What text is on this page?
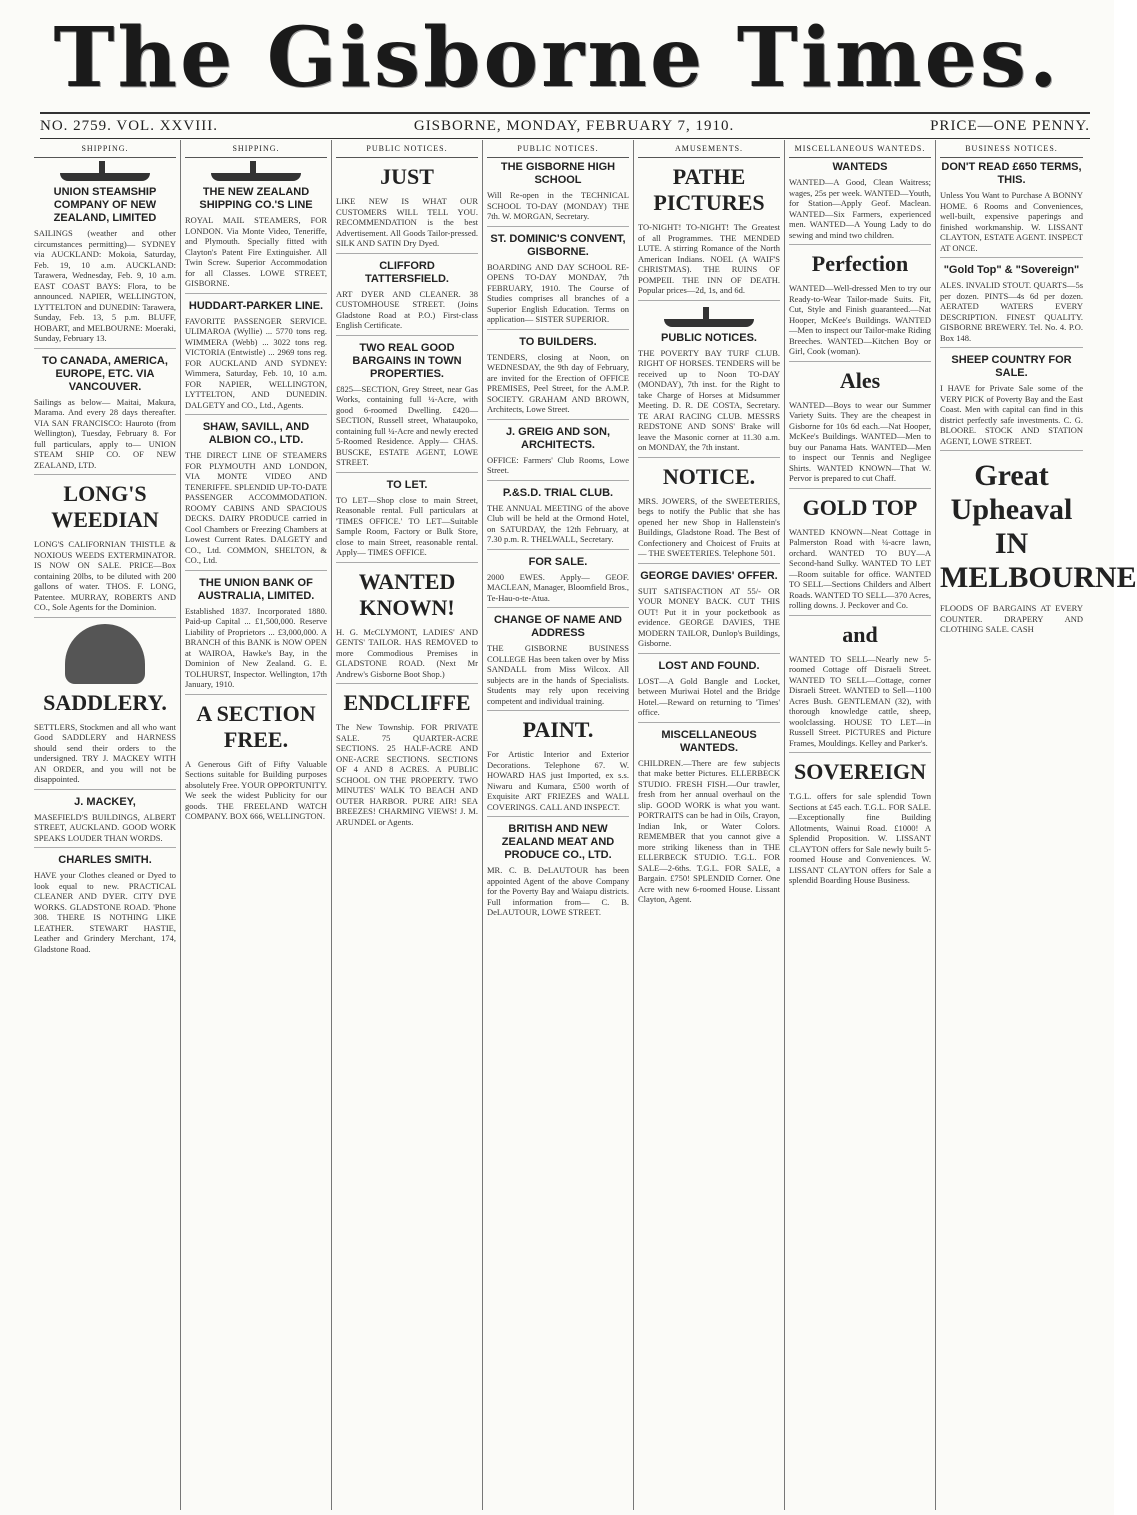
The Gisborne Times.
NO. 2759. VOL. XXVIII.	GISBORNE, MONDAY, FEBRUARY 7, 1910.	PRICE—ONE PENNY.
SHIPPING.
UNION STEAMSHIP COMPANY OF NEW ZEALAND, LIMITED
SAILINGS (weather and other circumstances permitting)— SYDNEY via AUCKLAND: Mokoia, Saturday, Feb. 19, 10 a.m. AUCKLAND: Tarawera, Wednesday, Feb. 9, 10 a.m. EAST COAST BAYS: Flora, to be announced. NAPIER, WELLINGTON, LYTTELTON and DUNEDIN: Tarawera, Sunday, Feb. 13, 5 p.m. BLUFF, HOBART, and MELBOURNE: Moeraki, Sunday, February 13.
TO CANADA, AMERICA, EUROPE, ETC. VIA VANCOUVER.
Sailings as below— Maitai, Makura, Marama. And every 28 days thereafter. VIA SAN FRANCISCO: Hauroto (from Wellington), Tuesday, February 8. For full particulars, apply to— UNION STEAM SHIP CO. OF NEW ZEALAND, LTD.
LONG'S WEEDIAN
LONG'S CALIFORNIAN THISTLE & NOXIOUS WEEDS EXTERMINATOR. IS NOW ON SALE. PRICE—Box containing 20lbs, to be diluted with 200 gallons of water. THOS. F. LONG, Patentee. MURRAY, ROBERTS AND CO., Sole Agents for the Dominion.
SADDLERY.
SETTLERS, Stockmen and all who want Good SADDLERY and HARNESS should send their orders to the undersigned. TRY J. MACKEY WITH AN ORDER, and you will not be disappointed.
J. MACKEY,
MASEFIELD'S BUILDINGS, ALBERT STREET, AUCKLAND. GOOD WORK SPEAKS LOUDER THAN WORDS.
CHARLES SMITH.
HAVE your Clothes cleaned or Dyed to look equal to new. PRACTICAL CLEANER AND DYER. CITY DYE WORKS. GLADSTONE ROAD. 'Phone 308. THERE IS NOTHING LIKE LEATHER. STEWART HASTIE, Leather and Grindery Merchant, 174, Gladstone Road.
SHIPPING.
THE NEW ZEALAND SHIPPING CO.'S LINE
ROYAL MAIL STEAMERS, FOR LONDON. Via Monte Video, Teneriffe, and Plymouth. Specially fitted with Clayton's Patent Fire Extinguisher. All Twin Screw. Superior Accommodation for all Classes. LOWE STREET, GISBORNE.
HUDDART-PARKER LINE.
FAVORITE PASSENGER SERVICE. ULIMAROA (Wyllie) ... 5770 tons reg. WIMMERA (Webb) ... 3022 tons reg. VICTORIA (Entwistle) ... 2969 tons reg. FOR AUCKLAND AND SYDNEY: Wimmera, Saturday, Feb. 10, 10 a.m. FOR NAPIER, WELLINGTON, LYTTELTON, AND DUNEDIN. DALGETY and CO., Ltd., Agents.
SHAW, SAVILL, AND ALBION CO., LTD.
THE DIRECT LINE OF STEAMERS FOR PLYMOUTH AND LONDON, VIA MONTE VIDEO AND TENERIFFE. SPLENDID UP-TO-DATE PASSENGER ACCOMMODATION. ROOMY CABINS AND SPACIOUS DECKS. DAIRY PRODUCE carried in Cool Chambers or Freezing Chambers at Lowest Current Rates. DALGETY and CO., Ltd. COMMON, SHELTON, & CO., Ltd.
THE UNION BANK OF AUSTRALIA, LIMITED.
Established 1837. Incorporated 1880. Paid-up Capital ... £1,500,000. Reserve Liability of Proprietors ... £3,000,000. A BRANCH of this BANK is NOW OPEN at WAIROA, Hawke's Bay, in the Dominion of New Zealand. G. E. TOLHURST, Inspector. Wellington, 17th January, 1910.
A SECTION FREE.
A Generous Gift of Fifty Valuable Sections suitable for Building purposes absolutely Free. YOUR OPPORTUNITY. We seek the widest Publicity for our goods. THE FREELAND WATCH COMPANY. BOX 666, WELLINGTON.
PUBLIC NOTICES.
JUST
LIKE NEW IS WHAT OUR CUSTOMERS WILL TELL YOU. RECOMMENDATION is the best Advertisement. All Goods Tailor-pressed. SILK AND SATIN Dry Dyed.
CLIFFORD TATTERSFIELD.
ART DYER AND CLEANER. 38 CUSTOMHOUSE STREET. (Joins Gladstone Road at P.O.) First-class English Certificate.
TWO REAL GOOD BARGAINS IN TOWN PROPERTIES.
£825—SECTION, Grey Street, near Gas Works, containing full ¼-Acre, with good 6-roomed Dwelling. £420—SECTION, Russell street, Whataupoko, containing full ¼-Acre and newly erected 5-Roomed Residence. Apply— CHAS. BUSCKE, ESTATE AGENT, LOWE STREET.
TO LET.
TO LET—Shop close to main Street, Reasonable rental. Full particulars at 'TIMES OFFICE.' TO LET—Suitable Sample Room, Factory or Bulk Store, close to main Street, reasonable rental. Apply— TIMES OFFICE.
WANTED KNOWN!
H. G. McCLYMONT, LADIES' AND GENTS' TAILOR. HAS REMOVED to more Commodious Premises in GLADSTONE ROAD. (Next Mr Andrew's Gisborne Boot Shop.)
ENDCLIFFE
The New Township. FOR PRIVATE SALE. 75 QUARTER-ACRE SECTIONS. 25 HALF-ACRE AND ONE-ACRE SECTIONS. SECTIONS OF 4 AND 8 ACRES. A PUBLIC SCHOOL ON THE PROPERTY. TWO MINUTES' WALK TO BEACH AND OUTER HARBOR. PURE AIR! SEA BREEZES! CHARMING VIEWS! J. M. ARUNDEL or Agents.
PUBLIC NOTICES.
THE GISBORNE HIGH SCHOOL
Will Re-open in the TECHNICAL SCHOOL TO-DAY (MONDAY) THE 7th. W. MORGAN, Secretary.
ST. DOMINIC'S CONVENT, GISBORNE.
BOARDING AND DAY SCHOOL RE-OPENS TO-DAY MONDAY, 7th FEBRUARY, 1910. The Course of Studies comprises all branches of a Superior English Education. Terms on application— SISTER SUPERIOR.
TO BUILDERS.
TENDERS, closing at Noon, on WEDNESDAY, the 9th day of February, are invited for the Erection of OFFICE PREMISES, Peel Street, for the A.M.P. SOCIETY. GRAHAM AND BROWN, Architects, Lowe Street.
J. GREIG AND SON, ARCHITECTS.
OFFICE: Farmers' Club Rooms, Lowe Street.
P.&S.D. TRIAL CLUB.
THE ANNUAL MEETING of the above Club will be held at the Ormond Hotel, on SATURDAY, the 12th February, at 7.30 p.m. R. THELWALL, Secretary.
FOR SALE.
2000 EWES. Apply— GEOF. MACLEAN, Manager, Bloomfield Bros., Te-Hau-o-te-Atua.
CHANGE OF NAME AND ADDRESS
THE GISBORNE BUSINESS COLLEGE Has been taken over by Miss SANDALL from Miss Wilcox. All subjects are in the hands of Specialists. Students may rely upon receiving competent and individual training.
PAINT.
For Artistic Interior and Exterior Decorations. Telephone 67. W. HOWARD HAS just Imported, ex s.s. Niwaru and Kumara, £500 worth of Exquisite ART FRIEZES and WALL COVERINGS. CALL AND INSPECT.
BRITISH AND NEW ZEALAND MEAT AND PRODUCE CO., LTD.
MR. C. B. DeLAUTOUR has been appointed Agent of the above Company for the Poverty Bay and Waiapu districts. Full information from— C. B. DeLAUTOUR, LOWE STREET.
AMUSEMENTS.
PATHE PICTURES
TO-NIGHT! TO-NIGHT! The Greatest of all Programmes. THE MENDED LUTE. A stirring Romance of the North American Indians. NOEL (A WAIF'S CHRISTMAS). THE RUINS OF POMPEII. THE INN OF DEATH. Popular prices—2d, 1s, and 6d.
PUBLIC NOTICES.
THE POVERTY BAY TURF CLUB. RIGHT OF HORSES. TENDERS will be received up to Noon TO-DAY (MONDAY), 7th inst. for the Right to take Charge of Horses at Midsummer Meeting. D. R. DE COSTA, Secretary. TE ARAI RACING CLUB. MESSRS REDSTONE AND SONS' Brake will leave the Masonic corner at 11.30 a.m. on MONDAY, the 7th instant.
NOTICE.
MRS. JOWERS, of the SWEETERIES, begs to notify the Public that she has opened her new Shop in Hallenstein's Buildings, Gladstone Road. The Best of Confectionery and Choicest of Fruits at— THE SWEETERIES. Telephone 501.
GEORGE DAVIES' OFFER.
SUIT SATISFACTION AT 55/- OR YOUR MONEY BACK. CUT THIS OUT! Put it in your pocketbook as evidence. GEORGE DAVIES, THE MODERN TAILOR, Dunlop's Buildings, Gisborne.
LOST AND FOUND.
LOST—A Gold Bangle and Locket, between Muriwai Hotel and the Bridge Hotel.—Reward on returning to 'Times' office.
MISCELLANEOUS WANTEDS.
CHILDREN.—There are few subjects that make better Pictures. ELLERBECK STUDIO. FRESH FISH.—Our trawler, fresh from her annual overhaul on the slip. GOOD WORK is what you want. PORTRAITS can be had in Oils, Crayon, Indian Ink, or Water Colors. REMEMBER that you cannot give a more striking likeness than in THE ELLERBECK STUDIO. T.G.L. FOR SALE—2-6ths. T.G.L. FOR SALE, a Bargain. £750! SPLENDID Corner. One Acre with new 6-roomed House. Lissant Clayton, Agent.
MISCELLANEOUS WANTEDS.
WANTEDS
WANTED—A Good, Clean Waitress; wages, 25s per week. WANTED—Youth, for Station—Apply Geof. Maclean. WANTED—Six Farmers, experienced men. WANTED—A Young Lady to do sewing and mind two children.
Perfection
WANTED—Well-dressed Men to try our Ready-to-Wear Tailor-made Suits. Fit, Cut, Style and Finish guaranteed.—Nat Hooper, McKee's Buildings. WANTED—Men to inspect our Tailor-make Riding Breeches. WANTED—Kitchen Boy or Girl, Cook (woman).
Ales
WANTED—Boys to wear our Summer Variety Suits. They are the cheapest in Gisborne for 10s 6d each.—Nat Hooper, McKee's Buildings. WANTED—Men to buy our Panama Hats. WANTED—Men to inspect our Tennis and Negligee Shirts. WANTED KNOWN—That W. Pervor is prepared to cut Chaff.
GOLD TOP
WANTED KNOWN—Neat Cottage in Palmerston Road with ¼-acre lawn, orchard. WANTED TO BUY—A Second-hand Sulky. WANTED TO LET—Room suitable for office. WANTED TO SELL—Sections Childers and Albert Roads. WANTED TO SELL—370 Acres, rolling downs. J. Peckover and Co.
and
WANTED TO SELL—Nearly new 5-roomed Cottage off Disraeli Street. WANTED TO SELL—Cottage, corner Disraeli Street. WANTED to Sell—1100 Acres Bush. GENTLEMAN (32), with thorough knowledge cattle, sheep, woolclassing. HOUSE TO LET—in Russell Street. PICTURES and Picture Frames, Mouldings. Kelley and Parker's.
SOVEREIGN
T.G.L. offers for sale splendid Town Sections at £45 each. T.G.L. FOR SALE.—Exceptionally fine Building Allotments, Wainui Road. £1000! A Splendid Proposition. W. LISSANT CLAYTON offers for Sale newly built 5-roomed House and Conveniences. W. LISSANT CLAYTON offers for Sale a splendid Boarding House Business.
BUSINESS NOTICES.
DON'T READ £650 TERMS, THIS.
Unless You Want to Purchase A BONNY HOME. 6 Rooms and Conveniences, well-built, expensive paperings and finished workmanship. W. LISSANT CLAYTON, ESTATE AGENT. INSPECT AT ONCE.
"Gold Top" & "Sovereign"
ALES. INVALID STOUT. QUARTS—5s per dozen. PINTS—4s 6d per dozen. AERATED WATERS EVERY DESCRIPTION. FINEST QUALITY. GISBORNE BREWERY. Tel. No. 4. P.O. Box 148.
SHEEP COUNTRY FOR SALE.
I HAVE for Private Sale some of the VERY PICK of Poverty Bay and the East Coast. Men with capital can find in this district perfectly safe investments. C. G. BLOORE. STOCK AND STATION AGENT, LOWE STREET.
Great Upheaval IN MELBOURNE
FLOODS OF BARGAINS AT EVERY COUNTER. DRAPERY AND CLOTHING SALE. CASH
